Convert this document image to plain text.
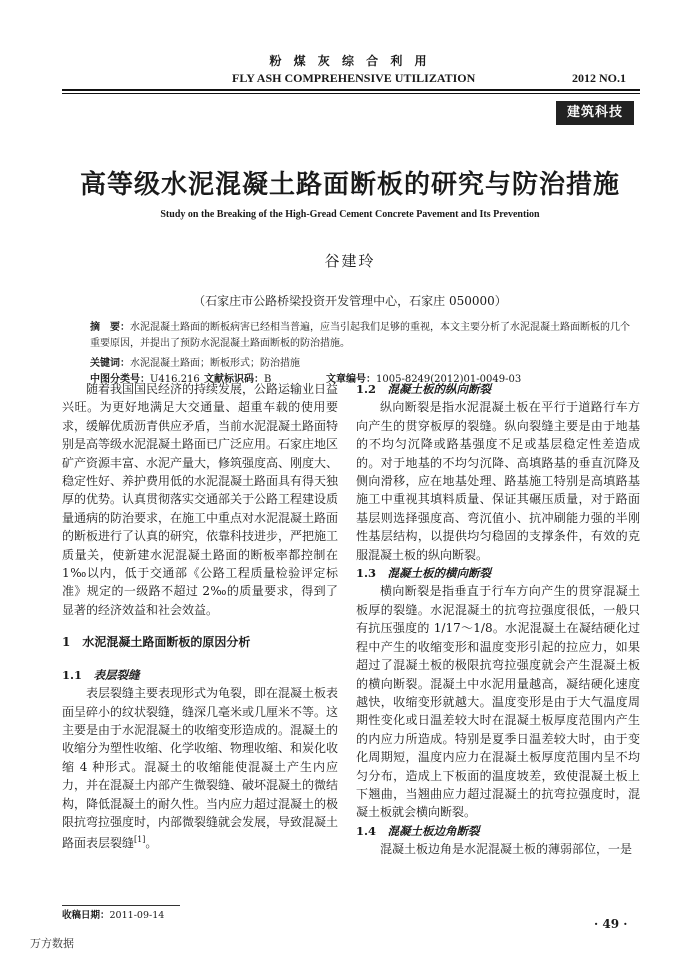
粉 煤 灰 综 合 利 用
FLY ASH COMPREHENSIVE UTILIZATION	2012 NO.1
建筑科技
高等级水泥混凝土路面断板的研究与防治措施
Study on the Breaking of the High-Gread Cement Concrete Pavement and Its Prevention
谷建玲
（石家庄市公路桥梁投资开发管理中心，石家庄 050000）
摘　要：水泥混凝土路面的断板病害已经相当普遍，应当引起我们足够的重视，本文主要分析了水泥混凝土路面断板的几个重要原因，并提出了预防水泥混凝土路面断板的防治措施。
关键词：水泥混凝土路面；断板形式；防治措施
中图分类号：U416.216 文献标识码：B	文章编号：1005-8249(2012)01-0049-03

随着我国国民经济的持续发展，公路运输业日益兴旺。为更好地满足大交通量、超重车载的使用要求，缓解优质沥青供应矛盾，当前水泥混凝土路面特别是高等级水泥混凝土路面已广泛应用。石家庄地区矿产资源丰富、水泥产量大，修筑强度高、刚度大、稳定性好、养护费用低的水泥混凝土路面具有得天独厚的优势。认真贯彻落实交通部关于公路工程建设质量通病的防治要求，在施工中重点对水泥混凝土路面的断板进行了认真的研究，依靠科技进步，严把施工质量关，使新建水泥混凝土路面的断板率都控制在 1‰以内，低于交通部《公路工程质量检验评定标准》规定的一级路不超过 2‰的质量要求，得到了显著的经济效益和社会效益。

1　水泥混凝土路面断板的原因分析

1.1　 表层裂缝

表层裂缝主要表现形式为龟裂，即在混凝土板表面呈碎小的纹状裂缝，缝深几毫米或几厘米不等。这主要是由于水泥混凝土的收缩变形造成的。混凝土的收缩分为塑性收缩、化学收缩、物理收缩、和炭化收缩 4 种形式。混凝土的收缩能使混凝土产生内应力，并在混凝土内部产生微裂缝、破坏混凝土的微结构，降低混凝土的耐久性。当内应力超过混凝土的极限抗弯拉强度时，内部微裂缝就会发展，导致混凝土路面表层裂缝[1]。

1.2　 混凝土板的纵向断裂

纵向断裂是指水泥混凝土板在平行于道路行车方向产生的贯穿板厚的裂缝。纵向裂缝主要是由于地基的不均匀沉降或路基强度不足或基层稳定性差造成的。对于地基的不均匀沉降、高填路基的垂直沉降及侧向滑移，应在地基处理、路基施工特别是高填路基施工中重视其填料质量、保证其碾压质量，对于路面基层则选择强度高、弯沉值小、抗冲刷能力强的半刚性基层结构，以提供均匀稳固的支撑条件，有效的克服混凝土板的纵向断裂。

1.3　 混凝土板的横向断裂

横向断裂是指垂直于行车方向产生的贯穿混凝土板厚的裂缝。水泥混凝土的抗弯拉强度很低，一般只有抗压强度的 1/17～1/8。水泥混凝土在凝结硬化过程中产生的收缩变形和温度变形引起的拉应力，如果超过了混凝土板的极限抗弯拉强度就会产生混凝土板的横向断裂。混凝土中水泥用量越高，凝结硬化速度越快，收缩变形就越大。温度变形是由于大气温度周期性变化或日温差较大时在混凝土板厚度范围内产生的内应力所造成。特别是夏季日温差较大时，由于变化周期短，温度内应力在混凝土板厚度范围内呈不均匀分布，造成上下板面的温度坡差，致使混凝土板上下翘曲，当翘曲应力超过混凝土的抗弯拉强度时，混凝土板就会横向断裂。

1.4　 混凝土板边角断裂

混凝土板边角是水泥混凝土板的薄弱部位，一是

收稿日期：2011-09-14
· 49 ·
万方数据
